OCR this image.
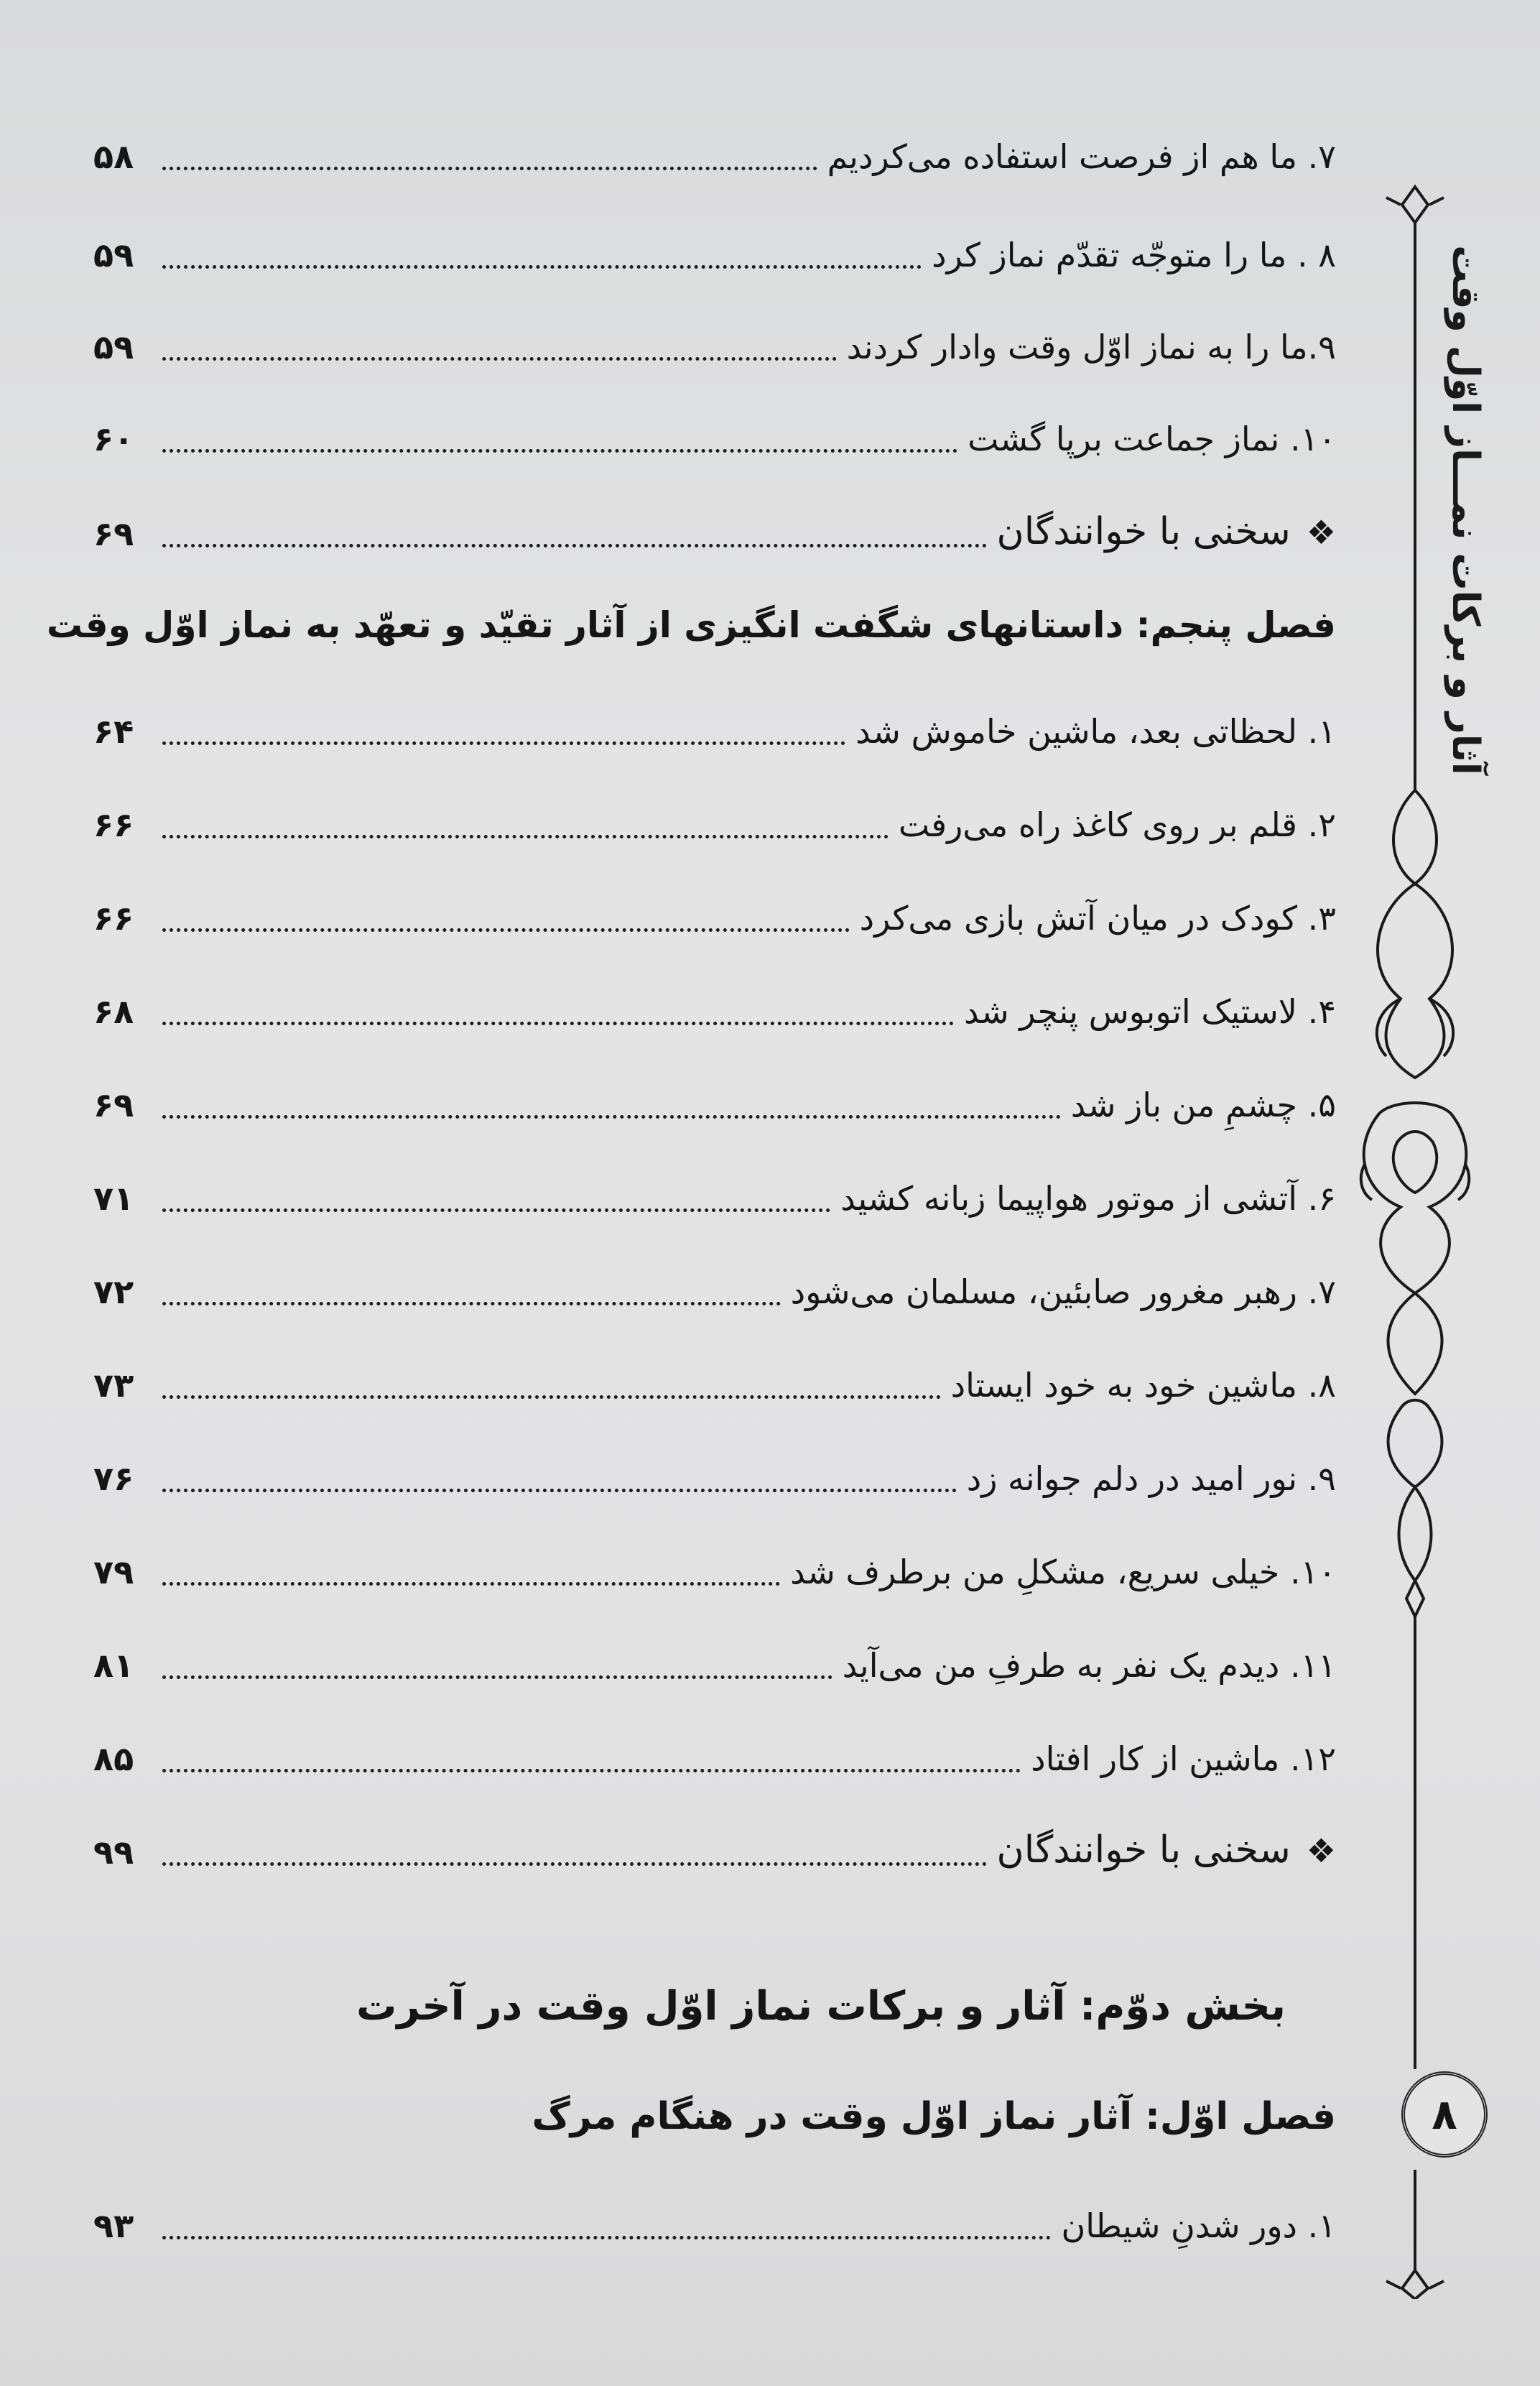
آثار و برکات نمـــاز اوّل وقت
۸
۵۸	۷. ما هم از فرصت استفاده می‌کردیم
۵۹	۸ . ما را متوجّه تقدّم نماز کرد
۵۹	۹.ما را به نماز اوّل وقت وادار کردند
۶۰	۱۰. نماز جماعت برپا گشت
۶۹	❖سخنی با خوانندگان
فصل پنجم: داستانهای شگفت انگیزی از آثار تقیّد و تعهّد به نماز اوّل وقت
۶۴	۱. لحظاتی بعد، ماشین خاموش شد
۶۶	۲. قلم بر روی کاغذ راه می‌رفت
۶۶	۳. کودک در میان آتش بازی می‌کرد
۶۸	۴. لاستیک اتوبوس پنچر شد
۶۹	۵. چشمِ من باز شد
۷۱	۶. آتشی از موتور هواپیما زبانه کشید
۷۲	۷. رهبر مغرور صابئین، مسلمان می‌شود
۷۳	۸. ماشین خود به خود ایستاد
۷۶	۹. نور امید در دلم جوانه زد
۷۹	۱۰. خیلی سریع، مشکلِ من برطرف شد
۸۱	۱۱. دیدم یک نفر به طرفِ من می‌آید
۸۵	۱۲. ماشین از کار افتاد
۹۹	❖سخنی با خوانندگان
بخش دوّم: آثار و برکات نماز اوّل وقت در آخرت
فصل اوّل: آثار نماز اوّل وقت در هنگام مرگ
۹۳	۱. دور شدنِ شیطان
